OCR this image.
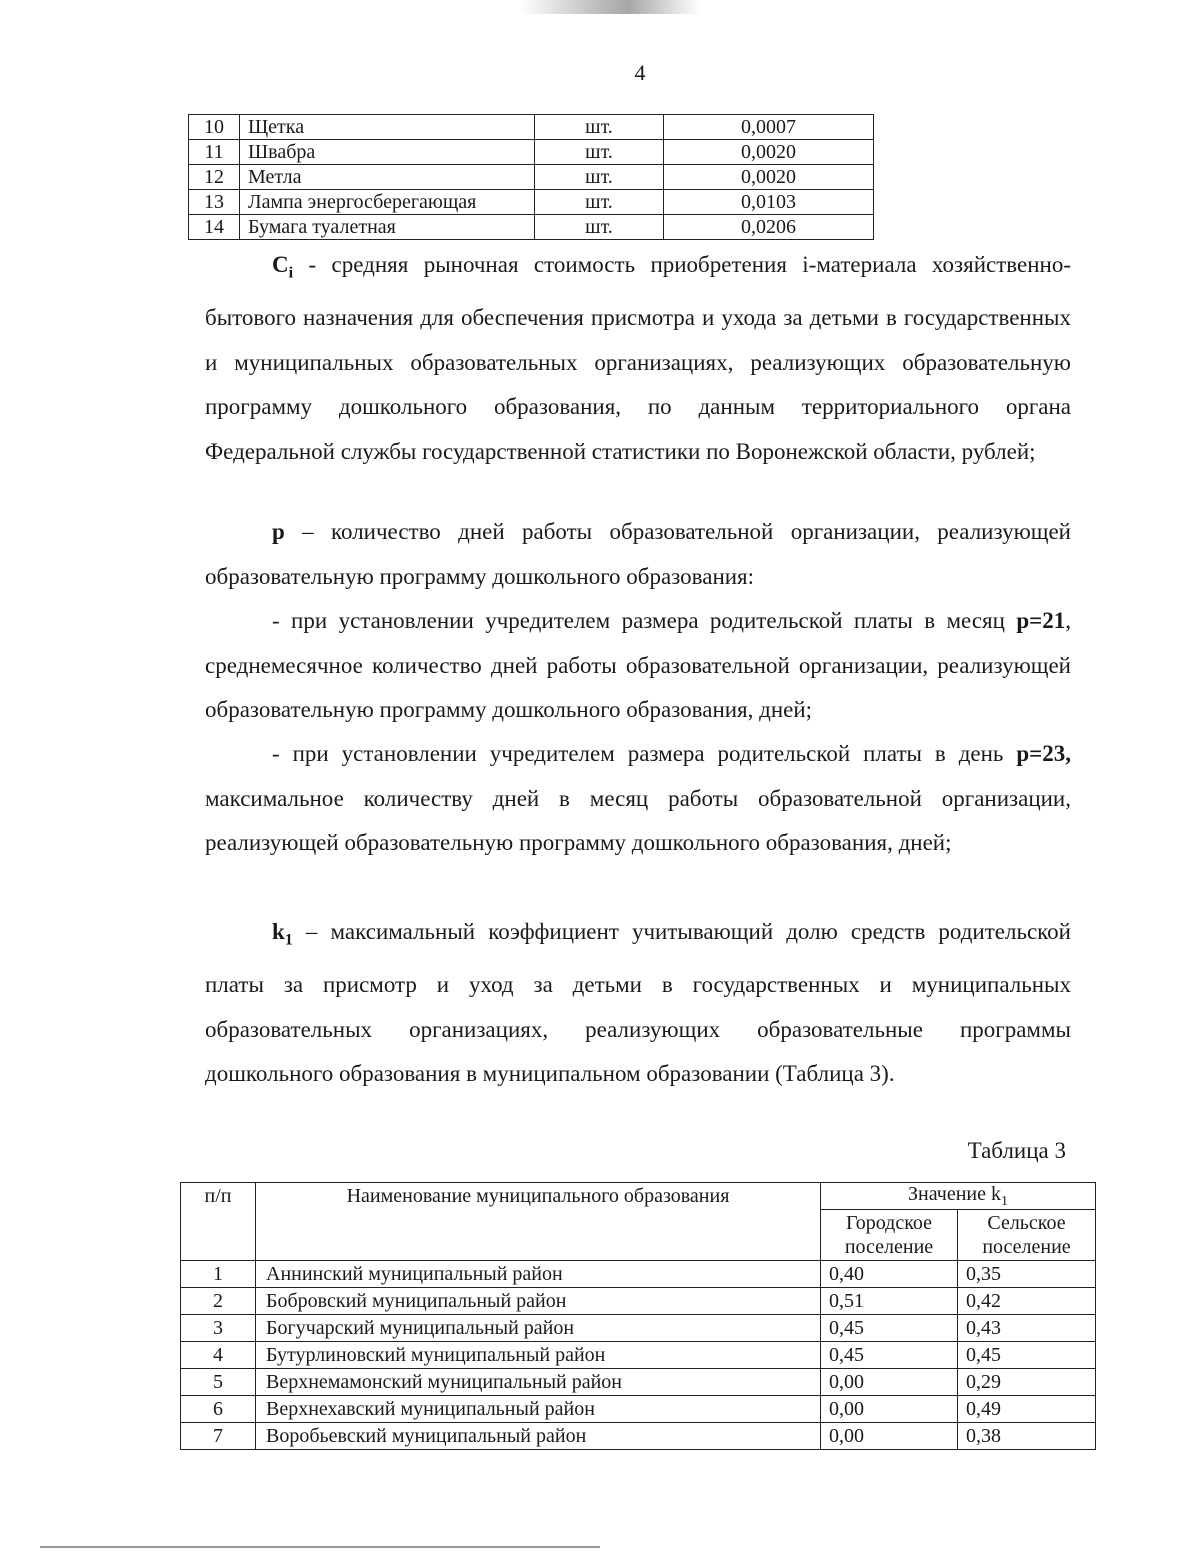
4
10	Щетка	шт.	0,0007
11	Швабра	шт.	0,0020
12	Метла	шт.	0,0020
13	Лампа энергосберегающая	шт.	0,0103
14	Бумага туалетная	шт.	0,0206

$C_i$ - средняя рыночная стоимость приобретения i-материала хозяйственно-бытового назначения для обеспечения присмотра и ухода за детьми в государственных и муниципальных образовательных организациях, реализующих образовательную программу дошкольного образования, по данным территориального органа Федеральной службы государственной статистики по Воронежской области, рублей;

p – количество дней работы образовательной организации, реализующей образовательную программу дошкольного образования:

- при установлении учредителем размера родительской платы в месяц p=21, среднемесячное количество дней работы образовательной организации, реализующей образовательную программу дошкольного образования, дней;

- при установлении учредителем размера родительской платы в день p=23, максимальное количеству дней в месяц работы образовательной организации, реализующей образовательную программу дошкольного образования, дней;

$k_1$ – максимальный коэффициент учитывающий долю средств родительской платы за присмотр и уход за детьми в государственных и муниципальных образовательных организациях, реализующих образовательные программы дошкольного образования в муниципальном образовании (Таблица 3).

Таблица 3
п/п	Наименование муниципального образования	Значение $k_1$
		Городское поселение	Сельское поселение
1	Аннинский муниципальный район	0,40	0,35
2	Бобровский муниципальный район	0,51	0,42
3	Богучарский муниципальный район	0,45	0,43
4	Бутурлиновский муниципальный район	0,45	0,45
5	Верхнемамонский муниципальный район	0,00	0,29
6	Верхнехавский муниципальный район	0,00	0,49
7	Воробьевский муниципальный район	0,00	0,38
